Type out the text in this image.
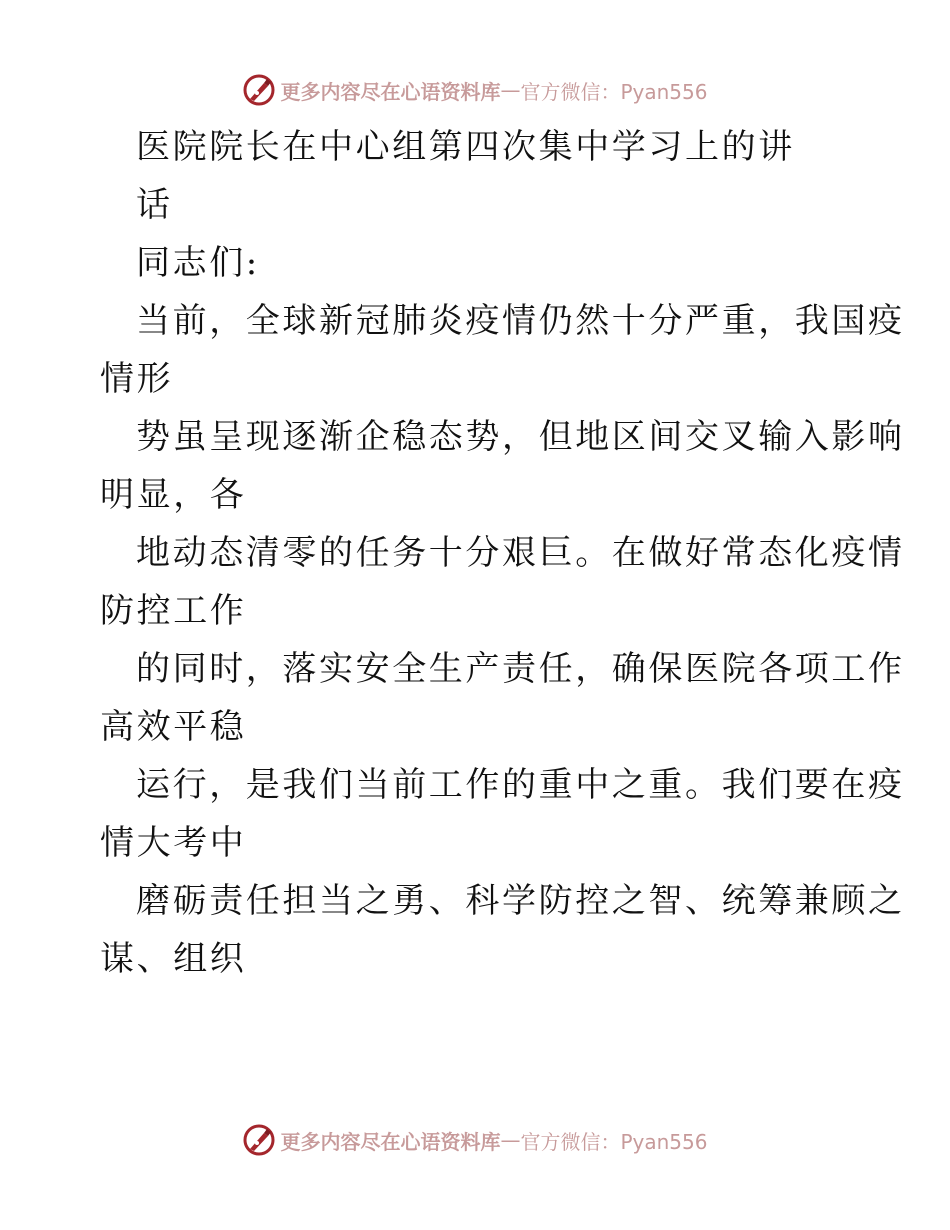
更多内容尽在心语资料库 — 官方微信：Pyan556
医院院长在中心组第四次集中学习上的讲
话
同志们:
当前，全球新冠肺炎疫情仍然十分严重，我国疫
情形
势虽呈现逐渐企稳态势，但地区间交叉输入影响
明显，各
地动态清零的任务十分艰巨。在做好常态化疫情
防控工作
的同时，落实安全生产责任，确保医院各项工作
高效平稳
运行，是我们当前工作的重中之重。我们要在疫
情大考中
磨砺责任担当之勇、科学防控之智、统筹兼顾之
谋、组织
更多内容尽在心语资料库 — 官方微信：Pyan556
